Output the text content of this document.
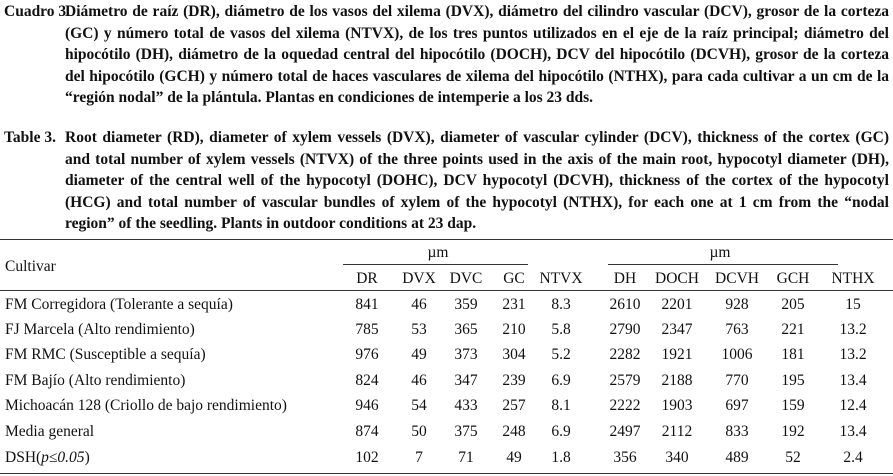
Cuadro 3.
Diámetro de raíz (DR), diámetro de los vasos del xilema (DVX), diámetro del cilindro vascular (DCV), grosor de la corteza (GC) y número total de vasos del xilema (NTVX), de los tres puntos utilizados en el eje de la raíz principal; diámetro del hipocótilo (DH), diámetro de la oquedad central del hipocótilo (DOCH), DCV del hipocótilo (DCVH), grosor de la corteza del hipocótilo (GCH) y número total de haces vasculares de xilema del hipocótilo (NTHX), para cada cultivar a un cm de la “región nodal” de la plántula. Plantas en condiciones de intemperie a los 23 dds.
Table 3. Root diameter (RD), diameter of xylem vessels (DVX), diameter of vascular cylinder (DCV), thickness of the cortex (GC) and total number of xylem vessels (NTVX) of the three points used in the axis of the main root, hypocotyl diameter (DH), diameter of the central well of the hypocotyl (DOHC), DCV hypocotyl (DCVH), thickness of the cortex of the hypocotyl (HCG) and total number of vascular bundles of xylem of the hypocotyl (NTHX), for each one at 1 cm from the “nodal region” of the seedling. Plants in outdoor conditions at 23 dap.
Cultivar
µm	µm
DR	DVX DVC	GC NTVX	DH	DOCH	DCVH	GCH	NTHX
FM Corregidora (Tolerante a sequía)	841	46	359	231	8.3	2610	2201	928	205	15
FJ Marcela (Alto rendimiento)	785	53	365	210	5.8	2790	2347	763	221	13.2
FM RMC (Susceptible a sequía)	976	49	373	304	5.2	2282	1921	1006	181	13.2
FM Bajío (Alto rendimiento)	824	46	347	239	6.9	2579	2188	770	195	13.4
Michoacán 128 (Criollo de bajo rendimiento)	946	54	433	257	8.1	2222	1903	697	159	12.4
Media general	874	50	375	248	6.9	2497	2112	833	192	13.4
DSH(p≤0.05)	102	7	71	49	1.8	356	340	489	52	2.4
